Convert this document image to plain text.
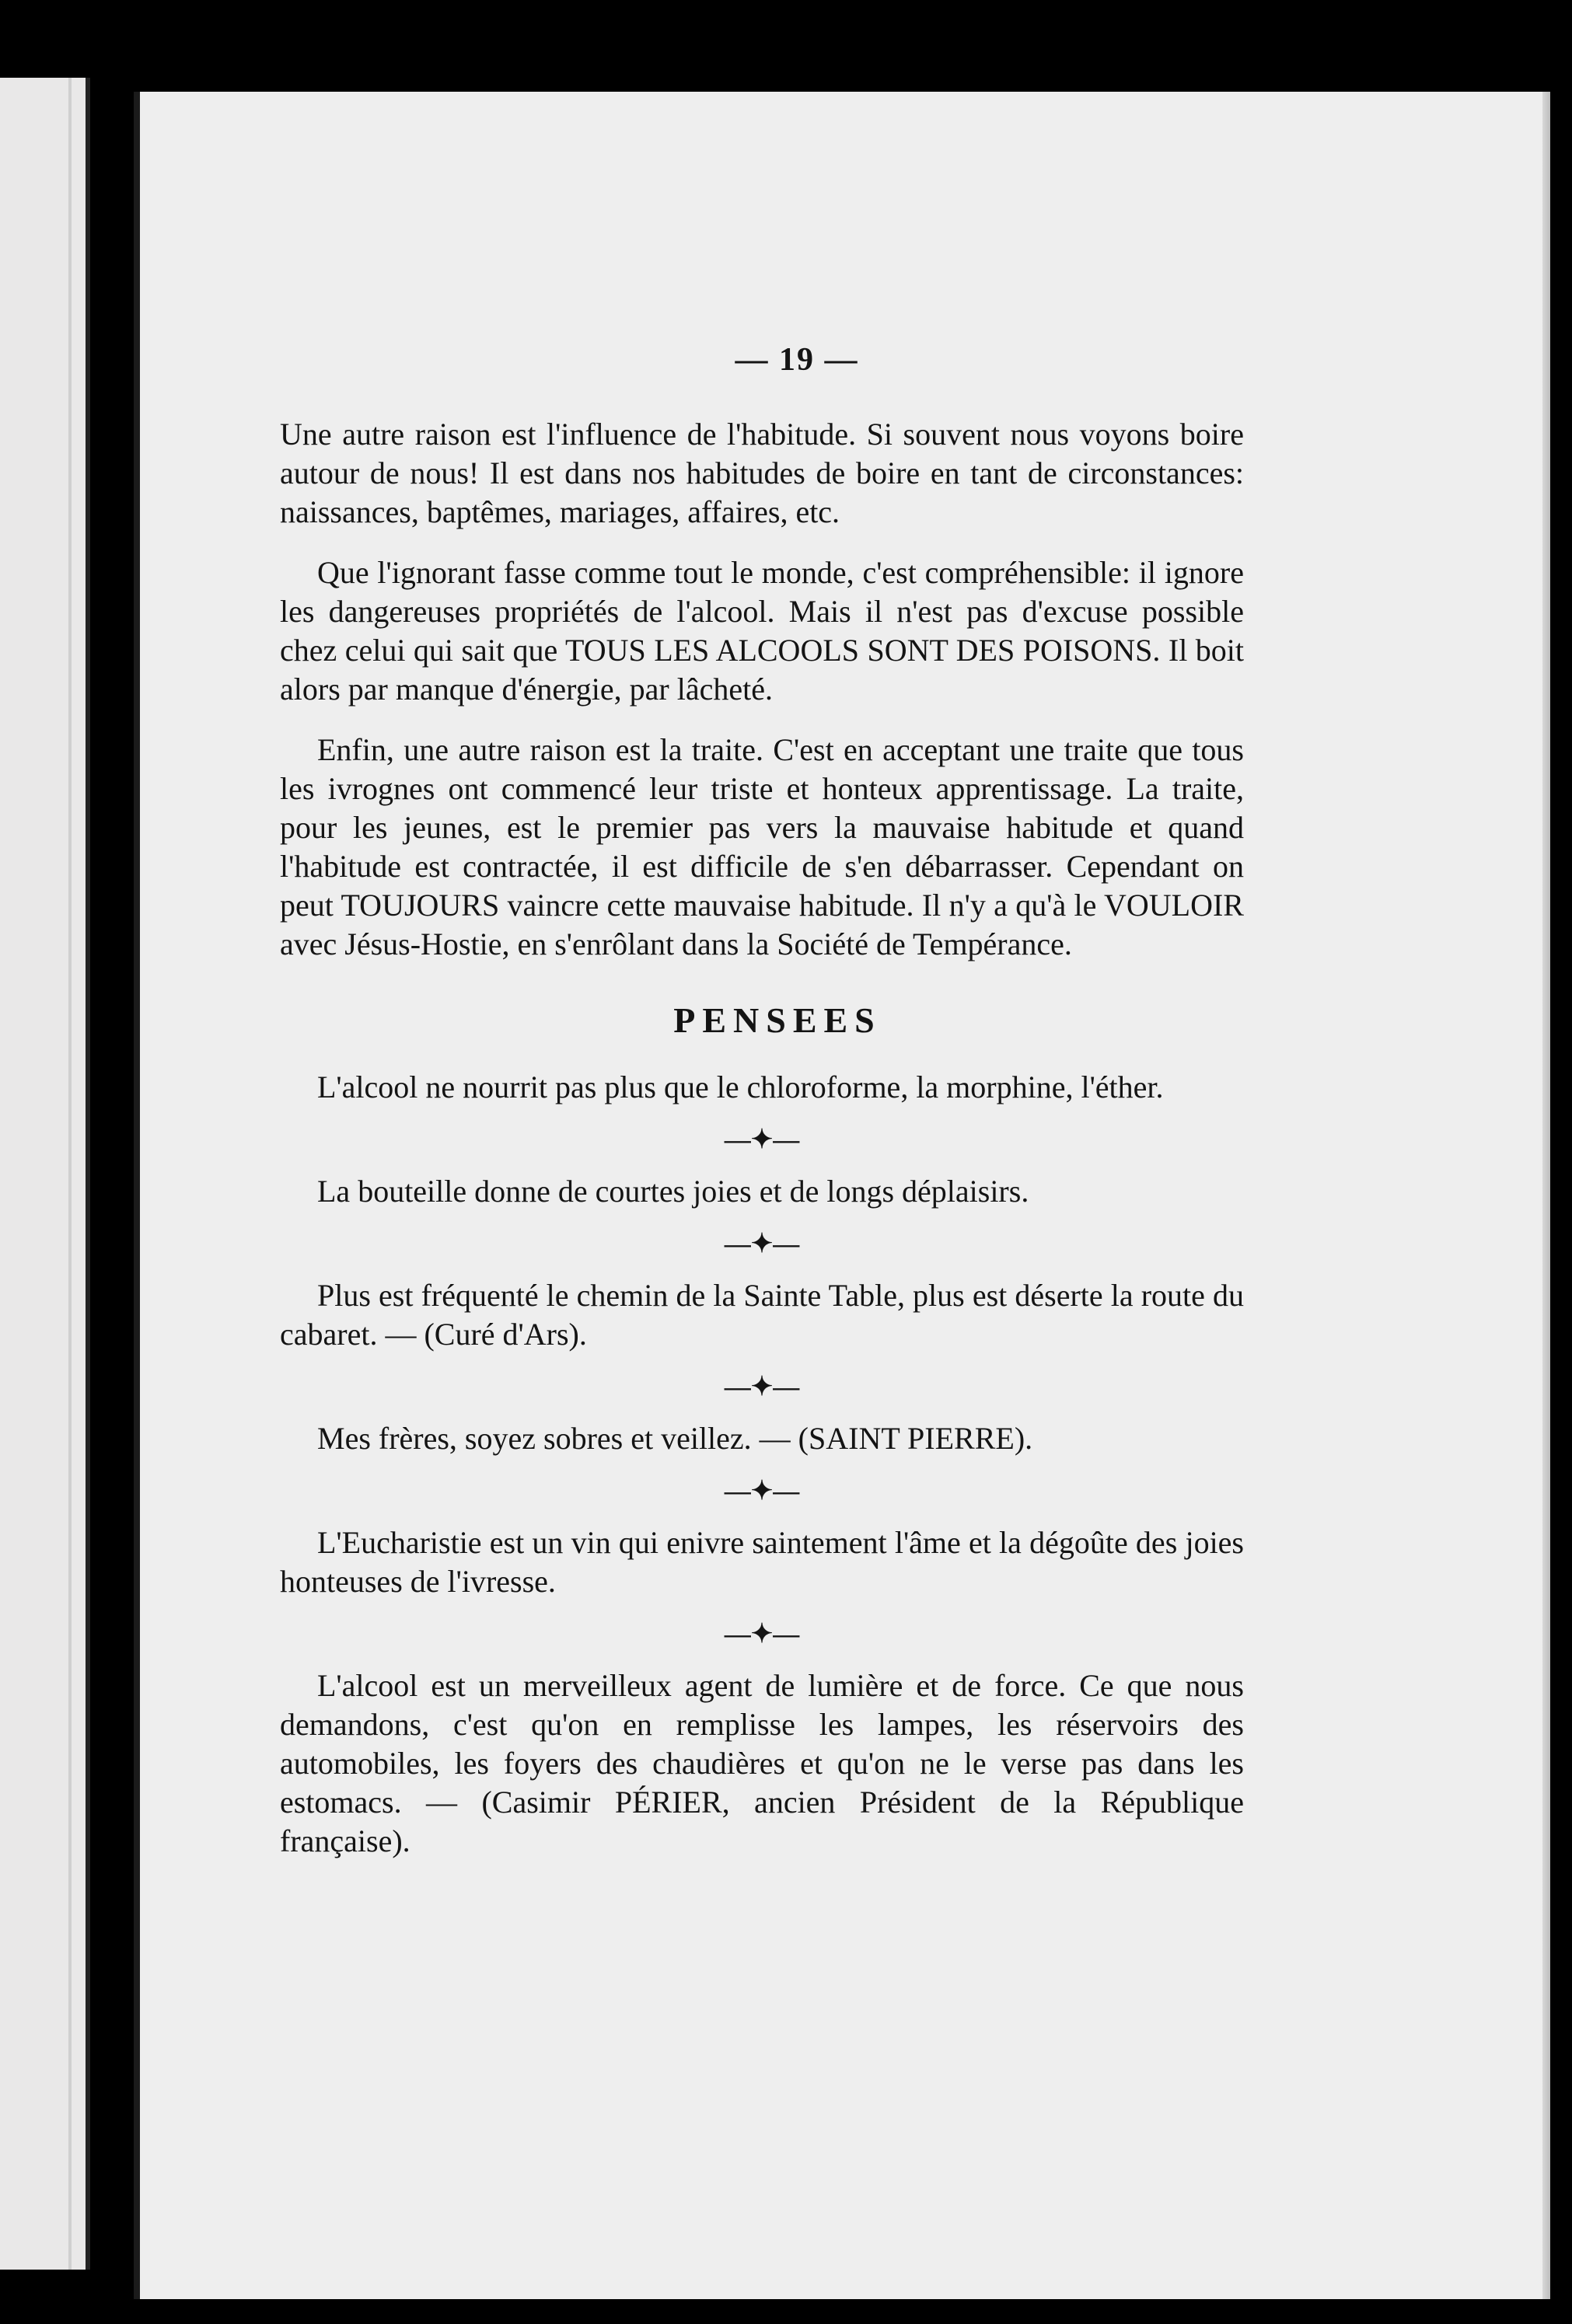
— 19 —

Une autre raison est l'influence de l'habitude. Si souvent nous voyons boire autour de nous! Il est dans nos habitudes de boire en tant de circonstances: naissances, baptêmes, mariages, affaires, etc.

Que l'ignorant fasse comme tout le monde, c'est compréhensible: il ignore les dangereuses propriétés de l'alcool. Mais il n'est pas d'excuse possible chez celui qui sait que TOUS LES ALCOOLS SONT DES POISONS. Il boit alors par manque d'énergie, par lâcheté.

Enfin, une autre raison est la traite. C'est en acceptant une traite que tous les ivrognes ont commencé leur triste et honteux apprentissage. La traite, pour les jeunes, est le premier pas vers la mauvaise habitude et quand l'habitude est contractée, il est difficile de s'en débarrasser. Cependant on peut TOUJOURS vaincre cette mauvaise habitude. Il n'y a qu'à le VOULOIR avec Jésus-Hostie, en s'enrôlant dans la Société de Tempérance.

PENSEES

L'alcool ne nourrit pas plus que le chloroforme, la morphine, l'éther.

—✦—

La bouteille donne de courtes joies et de longs déplaisirs.

—✦—

Plus est fréquenté le chemin de la Sainte Table, plus est déserte la route du cabaret. — (Curé d'Ars).

—✦—

Mes frères, soyez sobres et veillez. — (SAINT PIERRE).

—✦—

L'Eucharistie est un vin qui enivre saintement l'âme et la dégoûte des joies honteuses de l'ivresse.

—✦—

L'alcool est un merveilleux agent de lumière et de force. Ce que nous demandons, c'est qu'on en remplisse les lampes, les réservoirs des automobiles, les foyers des chaudières et qu'on ne le verse pas dans les estomacs. — (Casimir PÉRIER, ancien Président de la République française).
